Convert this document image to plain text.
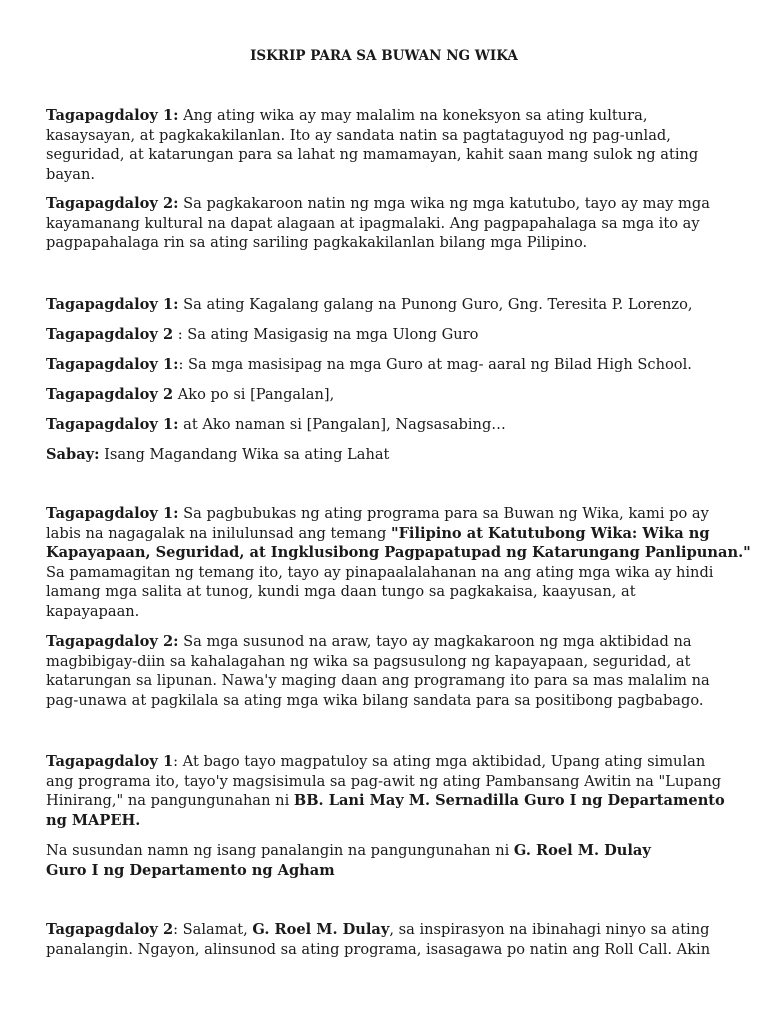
ISKRIP PARA SA BUWAN NG WIKA
Tagapagdaloy 1: Ang ating wika ay may malalim na koneksyon sa ating kultura,
kasaysayan, at pagkakakilanlan. Ito ay sandata natin sa pagtataguyod ng pag-unlad,
seguridad, at katarungan para sa lahat ng mamamayan, kahit saan mang sulok ng ating
bayan.
Tagapagdaloy 2: Sa pagkakaroon natin ng mga wika ng mga katutubo, tayo ay may mga
kayamanang kultural na dapat alagaan at ipagmalaki. Ang pagpapahalaga sa mga ito ay
pagpapahalaga rin sa ating sariling pagkakakilanlan bilang mga Pilipino.
Tagapagdaloy 1: Sa ating Kagalang galang na Punong Guro, Gng. Teresita P. Lorenzo,
Tagapagdaloy 2 : Sa ating Masigasig na mga Ulong Guro
Tagapagdaloy 1:: Sa mga masisipag na mga Guro at mag- aaral ng Bilad High School.
Tagapagdaloy 2 Ako po si [Pangalan],
Tagapagdaloy 1: at Ako naman si [Pangalan], Nagsasabing…
Sabay: Isang Magandang Wika sa ating Lahat
Tagapagdaloy 1: Sa pagbubukas ng ating programa para sa Buwan ng Wika, kami po ay
labis na nagagalak na inilulunsad ang temang "Filipino at Katutubong Wika: Wika ng
Kapayapaan, Seguridad, at Ingklusibong Pagpapatupad ng Katarungang Panlipunan."
Sa pamamagitan ng temang ito, tayo ay pinapaalalahanan na ang ating mga wika ay hindi
lamang mga salita at tunog, kundi mga daan tungo sa pagkakaisa, kaayusan, at
kapayapaan.
Tagapagdaloy 2: Sa mga susunod na araw, tayo ay magkakaroon ng mga aktibidad na
magbibigay-diin sa kahalagahan ng wika sa pagsusulong ng kapayapaan, seguridad, at
katarungan sa lipunan. Nawa'y maging daan ang programang ito para sa mas malalim na
pag-unawa at pagkilala sa ating mga wika bilang sandata para sa positibong pagbabago.
Tagapagdaloy 1: At bago tayo magpatuloy sa ating mga aktibidad, Upang ating simulan
ang programa ito, tayo'y magsisimula sa pag-awit ng ating Pambansang Awitin na "Lupang
Hinirang," na pangungunahan ni BB. Lani May M. Sernadilla Guro I ng Departamento
ng MAPEH.
Na susundan namn ng isang panalangin na pangungunahan ni G. Roel M. Dulay
Guro I ng Departamento ng Agham
Tagapagdaloy 2: Salamat, G. Roel M. Dulay, sa inspirasyon na ibinahagi ninyo sa ating
panalangin. Ngayon, alinsunod sa ating programa, isasagawa po natin ang Roll Call. Akin
